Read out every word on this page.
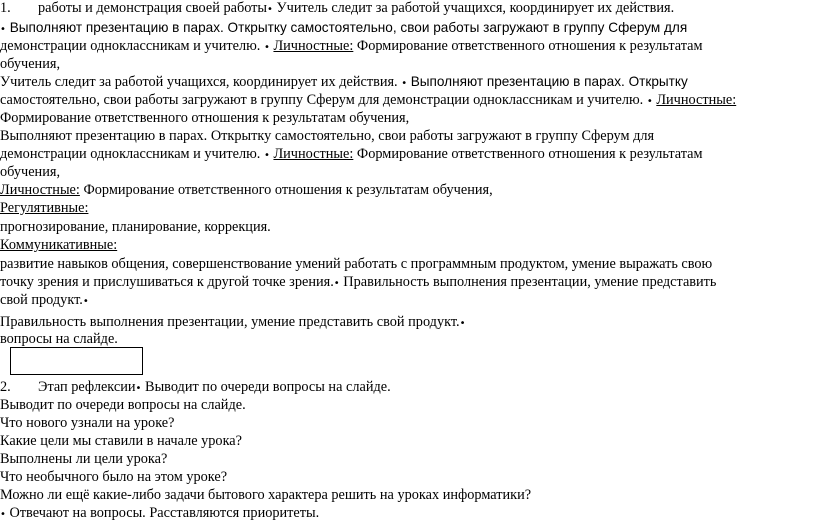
1. работы и демонстрация своей работы• Учитель следит за работой учащихся, координирует их действия.
• Выполняют презентацию в парах. Открытку самостоятельно, свои работы загружают в группу Сферум для
демонстрации одноклассникам и учителю. • Личностные: Формирование ответственного отношения к результатам
обучения,
Учитель следит за работой учащихся, координирует их действия. • Выполняют презентацию в парах. Открытку
самостоятельно, свои работы загружают в группу Сферум для демонстрации одноклассникам и учителю. • Личностные:
Формирование ответственного отношения к результатам обучения,
Выполняют презентацию в парах. Открытку самостоятельно, свои работы загружают в группу Сферум для
демонстрации одноклассникам и учителю. • Личностные: Формирование ответственного отношения к результатам
обучения,
Личностные: Формирование ответственного отношения к результатам обучения,
Регулятивные:
прогнозирование, планирование, коррекция.
Коммуникативные:
развитие навыков общения, совершенствование умений работать с программным продуктом, умение выражать свою
точку зрения и прислушиваться к другой точке зрения.• Правильность выполнения презентации, умение представить
свой продукт.•
Правильность выполнения презентации, умение представить свой продукт.•
вопросы на слайде.
2. Этап рефлексии• Выводит по очереди вопросы на слайде.
Выводит по очереди вопросы на слайде.
Что нового узнали на уроке?
Какие цели мы ставили в начале урока?
Выполнены ли цели урока?
Что необычного было на этом уроке?
Можно ли ещё какие-либо задачи бытового характера решить на уроках информатики?
• Отвечают на вопросы. Расставляются приоритеты.
